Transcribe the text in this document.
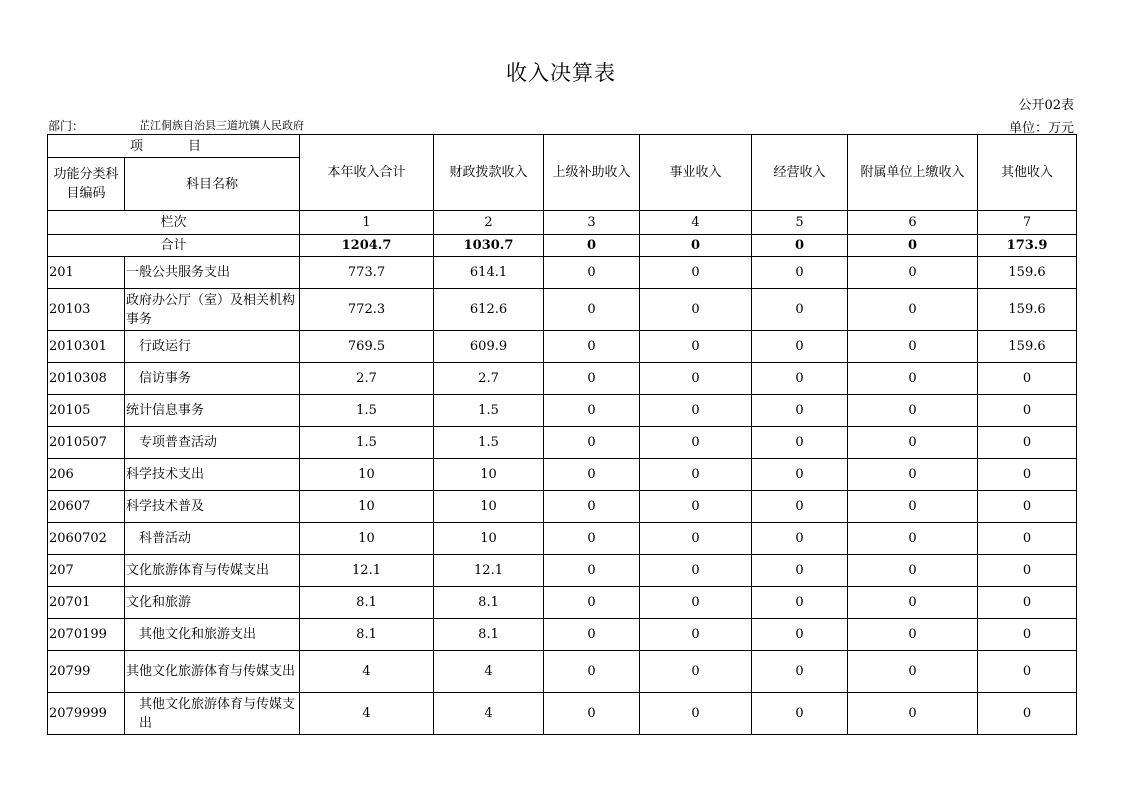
收入决算表
公开02表
部门：	芷江侗族自治县三道坑镇人民政府	单位：万元
项　目		本年收入合计	财政拨款收入	上级补助收入	事业收入	经营收入	附属单位上缴收入	其他收入
功能分类科目编码	科目名称							
栏次		1	2	3	4	5	6	7
合计		1204.7	1030.7	0	0	0	0	173.9
201	一般公共服务支出	773.7	614.1	0	0	0	0	159.6
20103	政府办公厅（室）及相关机构事务	772.3	612.6	0	0	0	0	159.6
2010301	行政运行	769.5	609.9	0	0	0	0	159.6
2010308	信访事务	2.7	2.7	0	0	0	0	0
20105	统计信息事务	1.5	1.5	0	0	0	0	0
2010507	专项普查活动	1.5	1.5	0	0	0	0	0
206	科学技术支出	10	10	0	0	0	0	0
20607	科学技术普及	10	10	0	0	0	0	0
2060702	科普活动	10	10	0	0	0	0	0
207	文化旅游体育与传媒支出	12.1	12.1	0	0	0	0	0
20701	文化和旅游	8.1	8.1	0	0	0	0	0
2070199	其他文化和旅游支出	8.1	8.1	0	0	0	0	0
20799	其他文化旅游体育与传媒支出	4	4	0	0	0	0	0
2079999	其他文化旅游体育与传媒支出	4	4	0	0	0	0	0
